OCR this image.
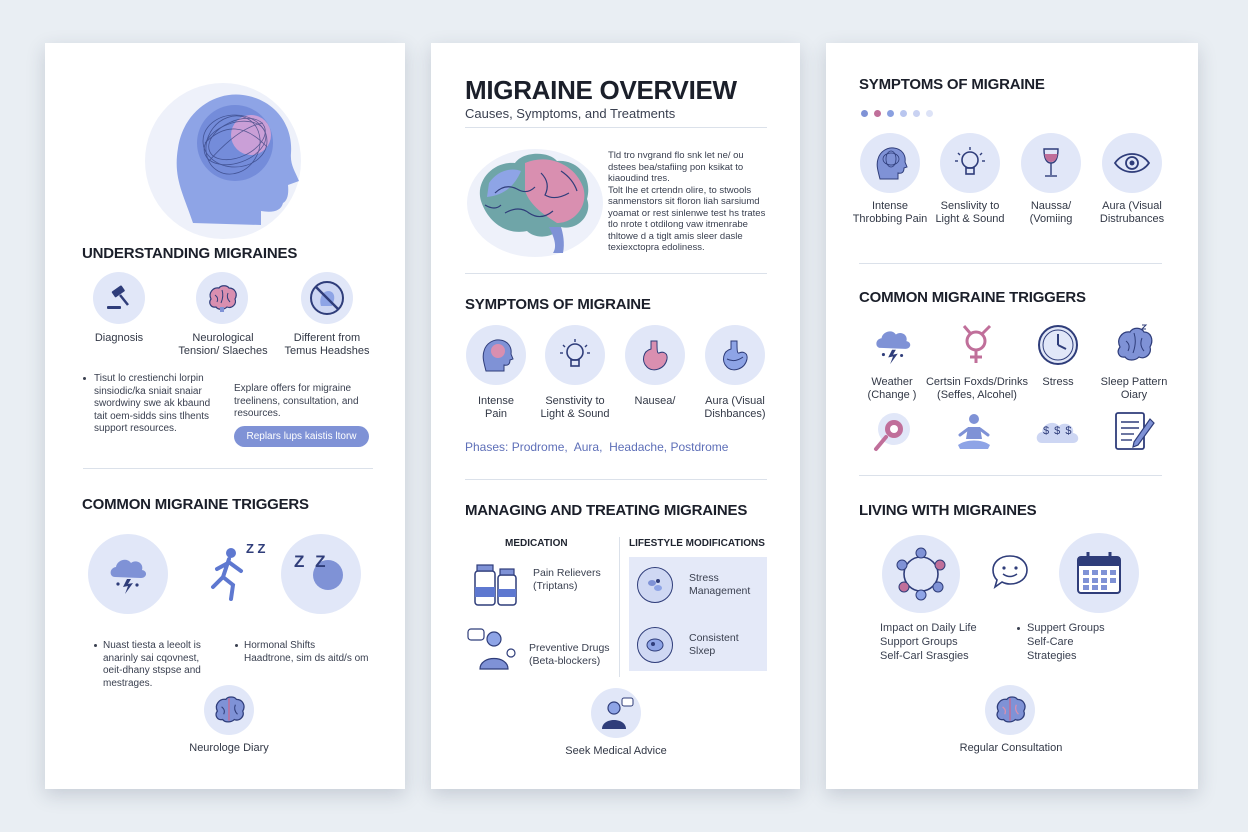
UNDERSTANDING MIGRAINES
Diagnosis	Neurological
Tension/ Slaeches
Different from
Temus Headshes
Tisut lo crestienchi lorpin
sinsiodic/ka sniait snaiar
swordwiny swe ak kbaund
tait oem-sidds sins tlhents
support resources.
Explare offers for migraine
treelinens, consultation, and
resources.
Replars lups kaistis ltorw
COMMON MIGRAINE TRIGGERS
Z Z
Z Z
Nuast tiesta a leeolt is
anarinly sai cqovnest,
oeit-dhany stspse and
mestrages.
Hormonal Shifts
Haadtrone, sim ds aitd/s om
Neurologe Diary
MIGRAINE OVERVIEW
Causes, Symptoms, and Treatments
Tld tro nvgrand flo snk let ne/ ou
dstees bea/stafiing pon ksikat to
kiaoudind tres.
Tolt lhe et crtendn olire, to stwools
sanmenstors sit floron liah sarsiumd
yoamat or rest sinlenwe test hs trates
tlo nrote t otdilong vaw itmenrabe
thltowe d a tiglt amis sleer dasle
texiexctopra edoliness.
SYMPTOMS OF MIGRAINE
Intense
Pain
Senstivity to
Light & Sound
Nausea/	Aura (Visual
Dishbances)
Phases: Prodrome,  Aura,  Headache, Postdrome
MANAGING AND TREATING MIGRAINES
MEDICATION	LIFESTYLE MODIFICATIONS
Pain Relievers
(Triptans)
Preventive Drugs
(Beta-blockers)
Stress
Management
Consistent
Slxep
Seek Medical Advice
SYMPTOMS OF MIGRAINE
Intense
Throbbing Pain
Senslivity to
Light & Sound
Naussa/
(Vomiing
Aura (Visual
Distrubances
COMMON MIGRAINE TRIGGERS
Weather
(Change )
Certsin Foxds/Drinks
(Seffes, Alcohel)
Stress	Sleep Pattern
Oiary
$ $ $
LIVING WITH MIGRAINES
Impact on Daily Life
Support Groups
Self-Carl Srasgies
Suppert Groups
Self-Care
Strategies
Regular Consultation
